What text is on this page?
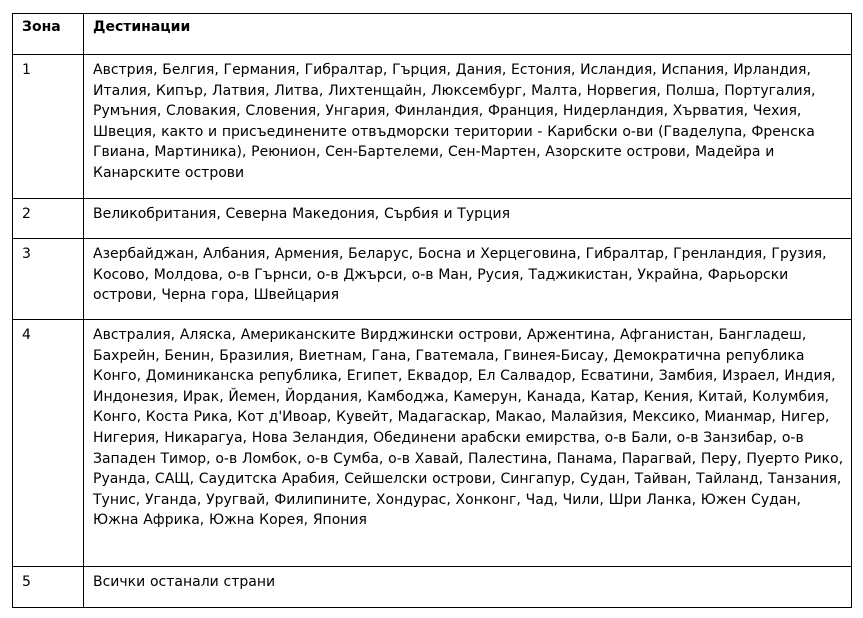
Зона	Дестинации

1	Австрия, Белгия, Германия, Гибралтар, Гърция, Дания, Естония, Исландия, Испания, Ирландия, Италия, Кипър, Латвия, Литва, Лихтенщайн, Люксембург, Малта, Норвегия, Полша, Португалия, Румъния, Словакия, Словения, Унгария, Финландия, Франция, Нидерландия, Хърватия, Чехия, Швеция, както и присъединените отвъдморски територии - Карибски о-ви (Гваделупа, Френска Гвиана, Мартиника), Реюнион, Сен-Бартелеми, Сен-Мартен, Азорските острови, Мадейра и Канарските острови

2	Великобритания, Северна Македония, Сърбия и Турция

3	Азербайджан, Албания, Армения, Беларус, Босна и Херцеговина, Гибралтар, Гренландия, Грузия, Косово, Молдова, о-в Гърнси, о-в Джърси, о-в Ман, Русия, Таджикистан, Украйна, Фарьорски острови, Черна гора, Швейцария

4	Австралия, Аляска, Американските Вирджински острови, Аржентина, Афганистан, Бангладеш, Бахрейн, Бенин, Бразилия, Виетнам, Гана, Гватемала, Гвинея-Бисау, Демократична република Конго, Доминиканска република, Египет, Еквадор, Ел Салвадор, Есватини, Замбия, Израел, Индия, Индонезия, Ирак, Йемен, Йордания, Камбоджа, Камерун, Канада, Катар, Кения, Китай, Колумбия, Конго, Коста Рика, Кот д'Ивоар, Кувейт, Мадагаскар, Макао, Малайзия, Мексико, Мианмар, Нигер, Нигерия, Никарагуа, Нова Зеландия, Обединени арабски емирства, о-в Бали, о-в Занзибар, о-в Западен Тимор, о-в Ломбок, о-в Сумба, о-в Хавай, Палестина, Панама, Парагвай, Перу, Пуерто Рико, Руанда, САЩ, Саудитска Арабия, Сейшелски острови, Сингапур, Судан, Тайван, Тайланд, Танзания, Тунис, Уганда, Уругвай, Филипините, Хондурас, Хонконг, Чад, Чили, Шри Ланка, Южен Судан, Южна Африка, Южна Корея, Япония

5	Всички останали страни
